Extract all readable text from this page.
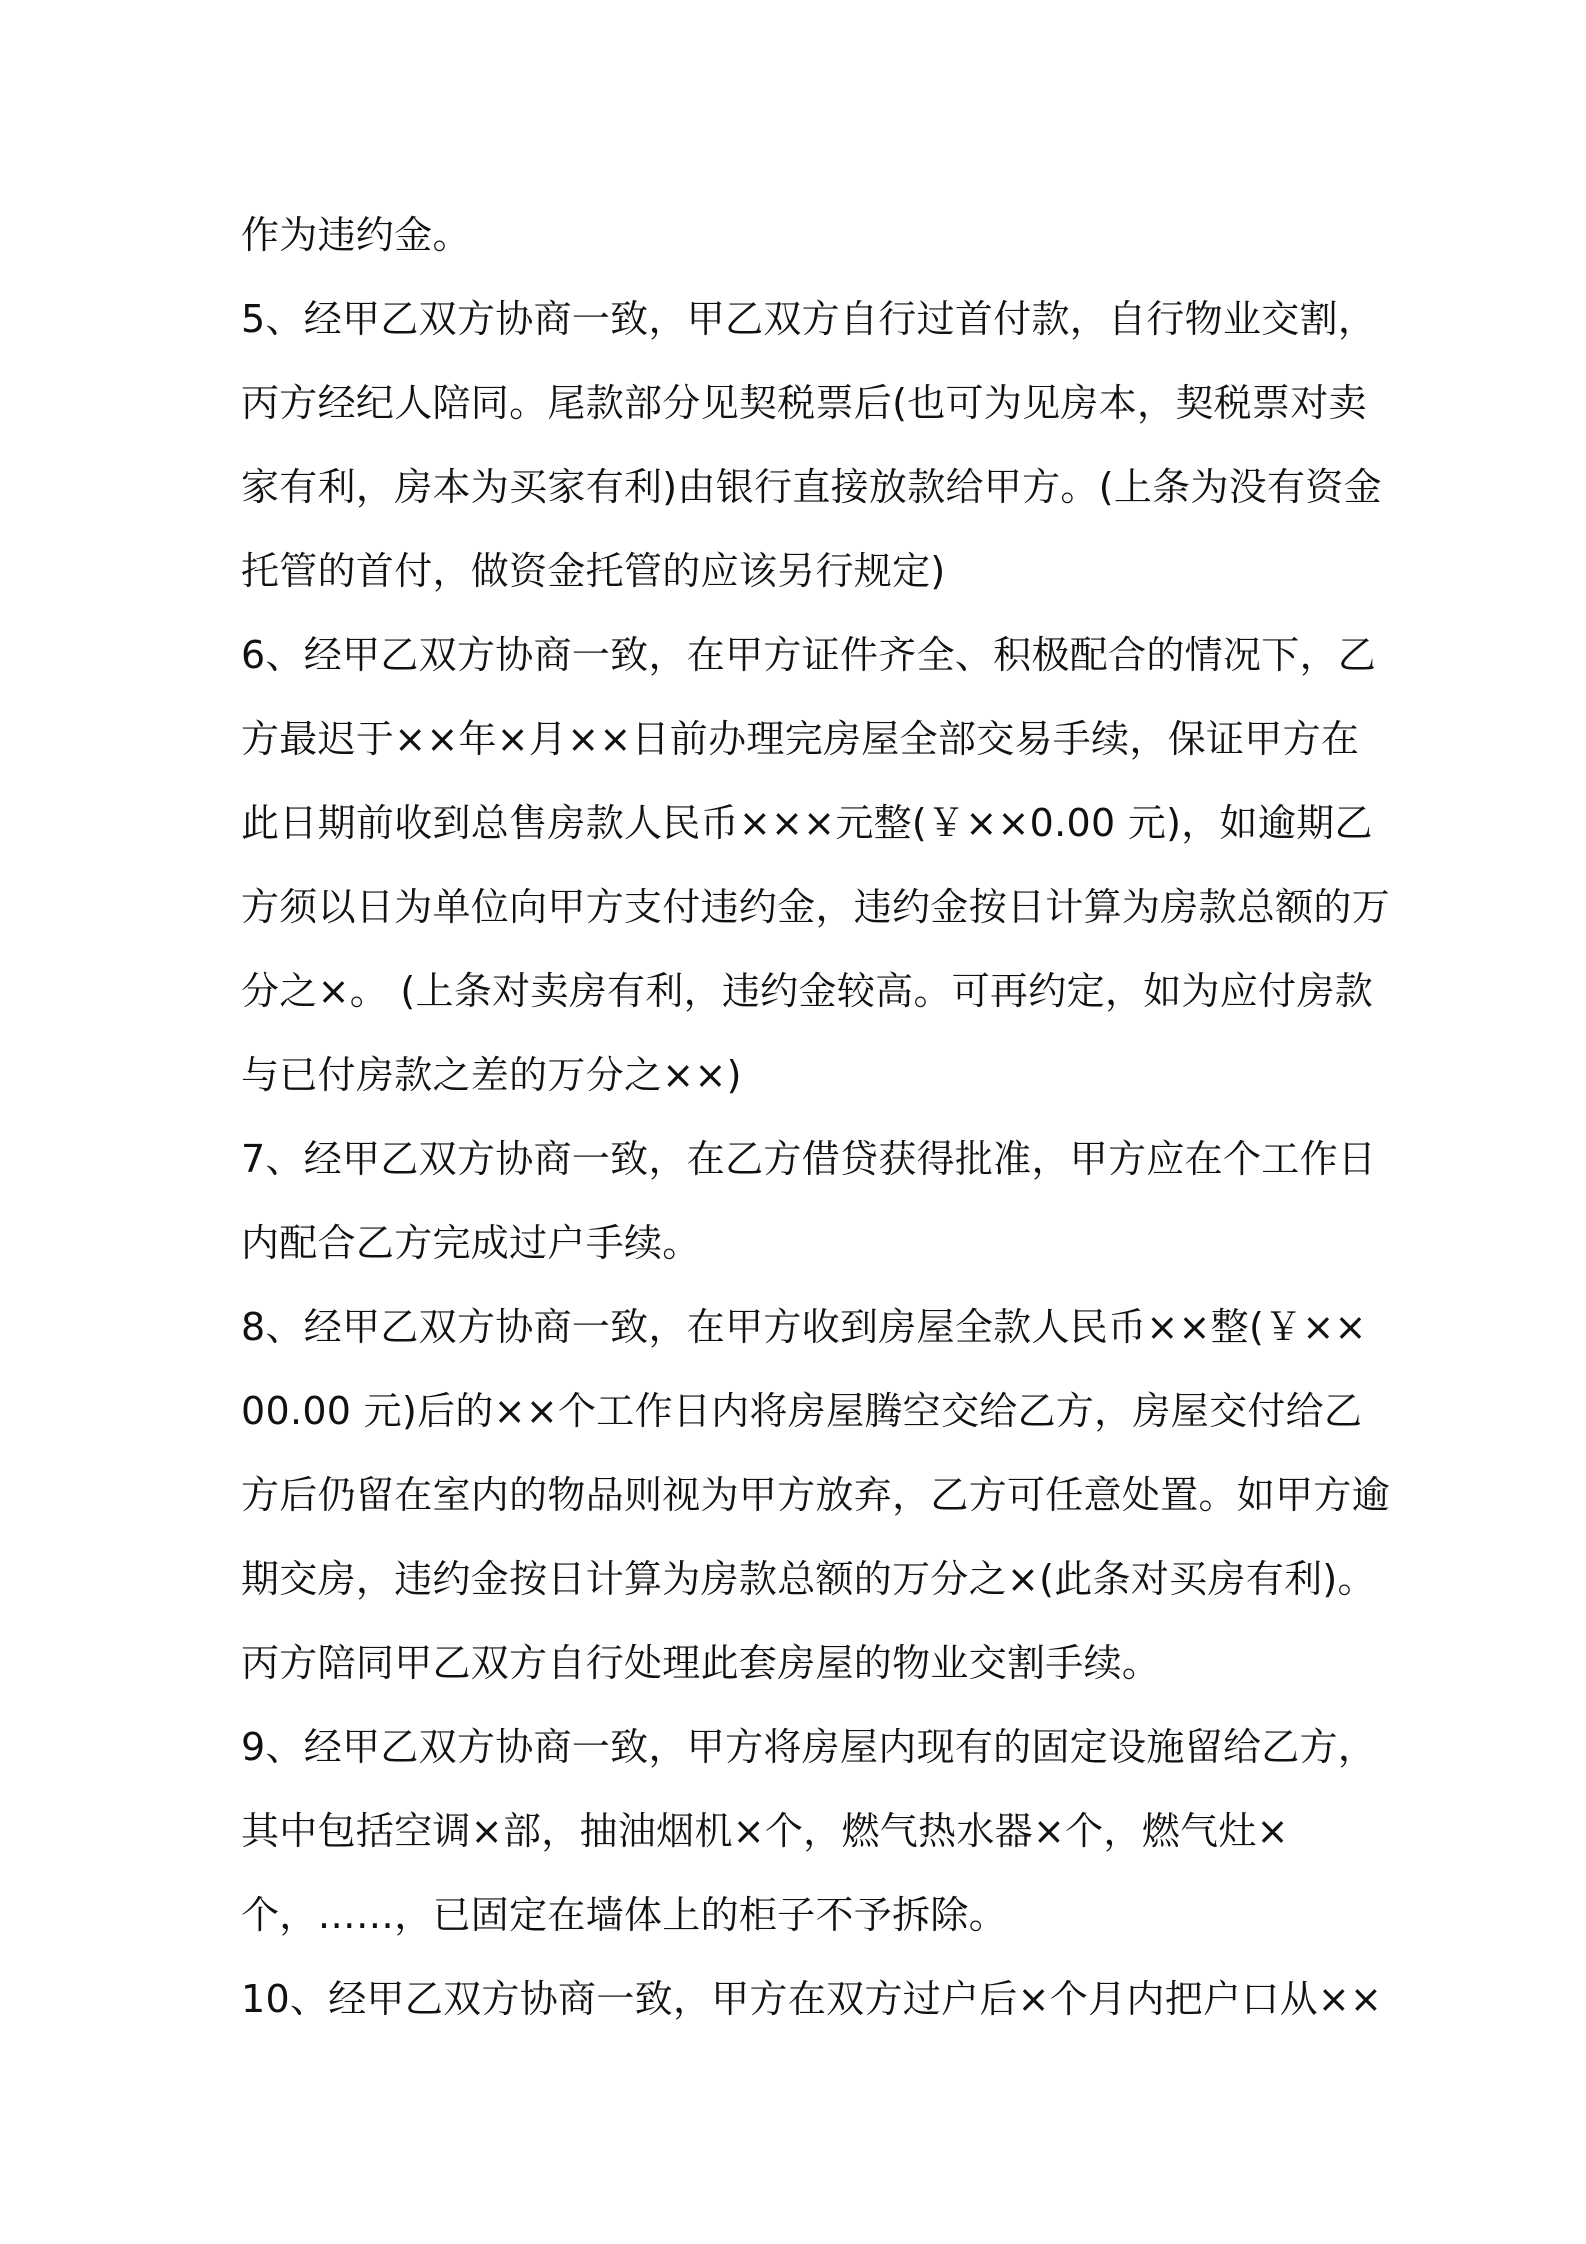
作为违约金。
5、经甲乙双方协商一致，甲乙双方自行过首付款，自行物业交割，
丙方经纪人陪同。尾款部分见契税票后(也可为见房本，契税票对卖
家有利，房本为买家有利)由银行直接放款给甲方。(上条为没有资金
托管的首付，做资金托管的应该另行规定)
6、经甲乙双方协商一致，在甲方证件齐全、积极配合的情况下，乙
方最迟于××年×月××日前办理完房屋全部交易手续，保证甲方在
此日期前收到总售房款人民币×××元整(￥××0.00 元)，如逾期乙
方须以日为单位向甲方支付违约金，违约金按日计算为房款总额的万
分之×。 (上条对卖房有利，违约金较高。可再约定，如为应付房款
与已付房款之差的万分之××)
7、经甲乙双方协商一致，在乙方借贷获得批准，甲方应在个工作日
内配合乙方完成过户手续。
8、经甲乙双方协商一致，在甲方收到房屋全款人民币××整(￥××
00.00 元)后的××个工作日内将房屋腾空交给乙方，房屋交付给乙
方后仍留在室内的物品则视为甲方放弃，乙方可任意处置。如甲方逾
期交房，违约金按日计算为房款总额的万分之×(此条对买房有利)。
丙方陪同甲乙双方自行处理此套房屋的物业交割手续。
9、经甲乙双方协商一致，甲方将房屋内现有的固定设施留给乙方，
其中包括空调×部，抽油烟机×个，燃气热水器×个，燃气灶×
个，……，已固定在墙体上的柜子不予拆除。
10、经甲乙双方协商一致，甲方在双方过户后×个月内把户口从××
